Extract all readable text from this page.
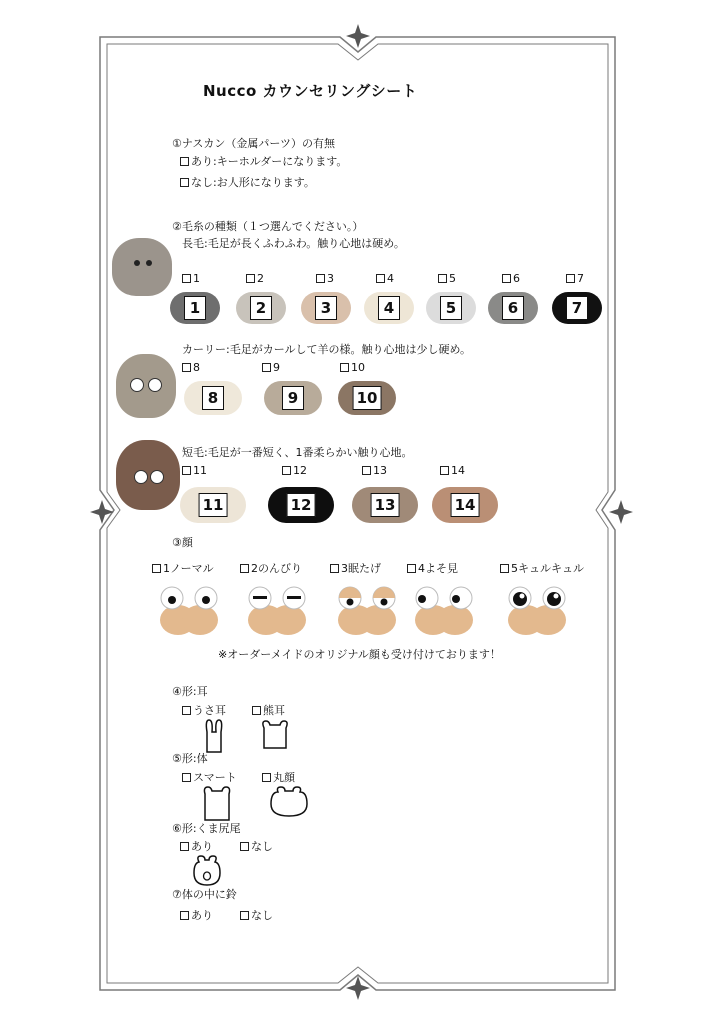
Nucco カウンセリングシート
①ナスカン（金属パーツ）の有無
あり:キーホルダーになります。
なし:お人形になります。
②毛糸の種類（１つ選んでください。）
長毛:毛足が長くふわふわ。触り心地は硬め。
1
1
2
2
3
3
4
4
5
5
6
6
7
7
カーリー:毛足がカールして羊の様。触り心地は少し硬め。
8
8
9
9
10
10
短毛:毛足が一番短く、1番柔らかい触り心地。
11
11
12
12
13
13
14
14
③顔
1ノーマル	2のんびり	3眠たげ	4よそ見	5キュルキュル
※オーダーメイドのオリジナル顔も受け付けております！
④形:耳
うさ耳	熊耳
⑤形:体
スマート	丸顔
⑥形:くま尻尾
あり	なし
⑦体の中に鈴
あり	なし
